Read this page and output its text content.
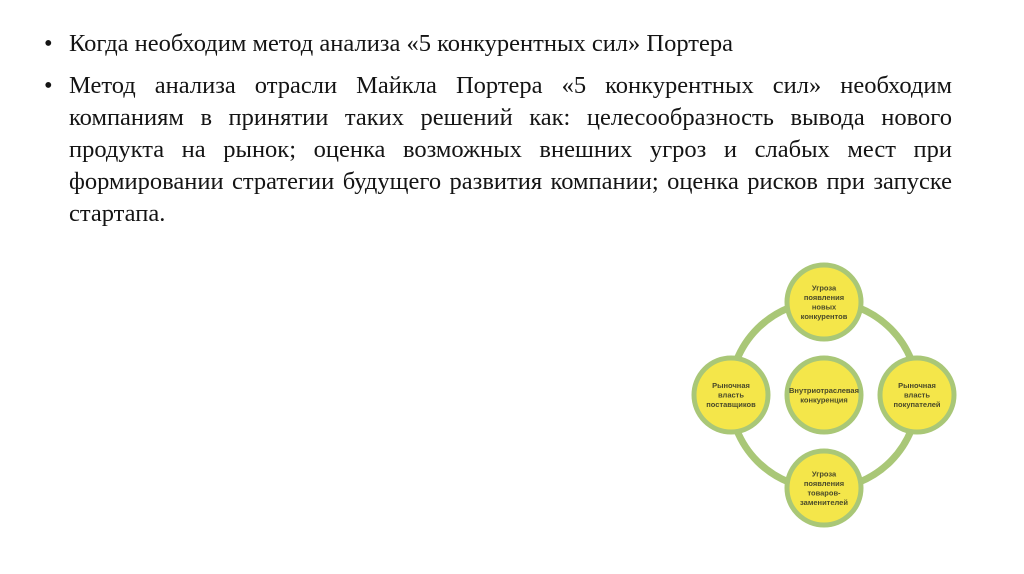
• Когда необходим метод анализа «5 конкурентных сил» Портера
• Метод анализа отрасли Майкла Портера «5 конкурентных сил» необходим компаниям в принятии таких решений как: целесообразность вывода нового продукта на рынок; оценка возможных внешних угроз и слабых мест при формировании стратегии будущего развития компании; оценка рисков при запуске стартапа.
Угроза
появления
новых
конкурентов
Рыночная
власть
поставщиков
Внутриотраслевая
конкуренция
Рыночная
власть
покупателей
Угроза
появления
товаров-
заменителей
